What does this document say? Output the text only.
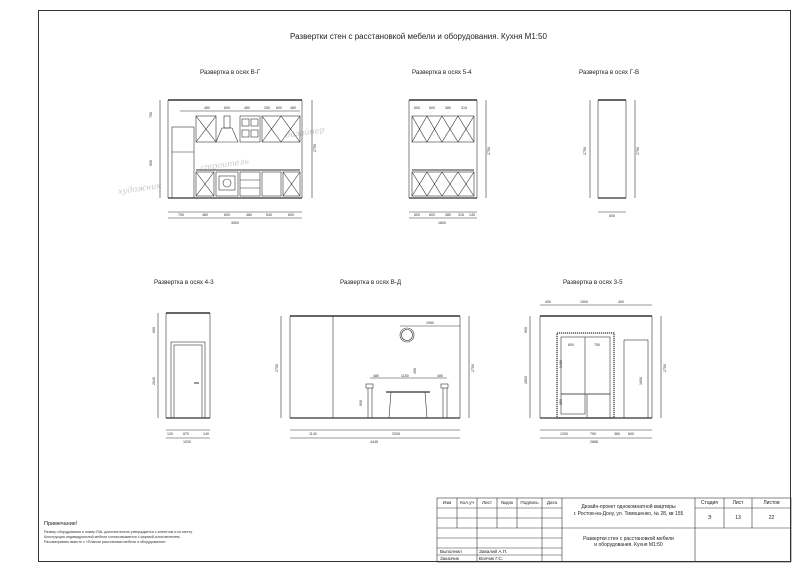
Развертки стен с расстановкой мебели и оборудования. Кухня М1:50
Развертка в осях В-Г	Развертка в осях 5-4	Развертка в осях Г-В
Развертка в осях 4-3	Развертка в осях В-Д	Развертка в осях 3-5
художник
строитель
дизайнер
480	600	480	250 600 480
750	480	600	480	540	600
3500
750
900
2750
600	600	380	315
600	600	380 315 145
1800
2750
600
2750	2750
120	870	140
1030
660
2040
1950
480	1150	480
1140	3305
4445
2750	2750
900
450
400	1500	400
1200	750	360 600
2888
900
2800
800	750
1450
850
1600
2750
Примечание!
Размер оборудования и номер RAL дополнительно утверждается с клиентом и по месту.
Конструкция индивидуальной мебели согласовывается с фирмой-изготовителем.
Рассматривать вместе с «Планом расстановки мебели и оборудования».
Изм	Кол.уч	Лист	№док	Подпись	Дата
Дизайн-проект однокомнатной квартиры
г. Ростов-на-Дону, ул. Тимошенко, № 28, кв 155
Развертки стен с расстановкой мебели
и оборудования. Кухня М1:50
Стадия	Лист	Листов
Э	13	22
Выполнил	Завалий А.П.
Заказчик	Волчик Г.С.
